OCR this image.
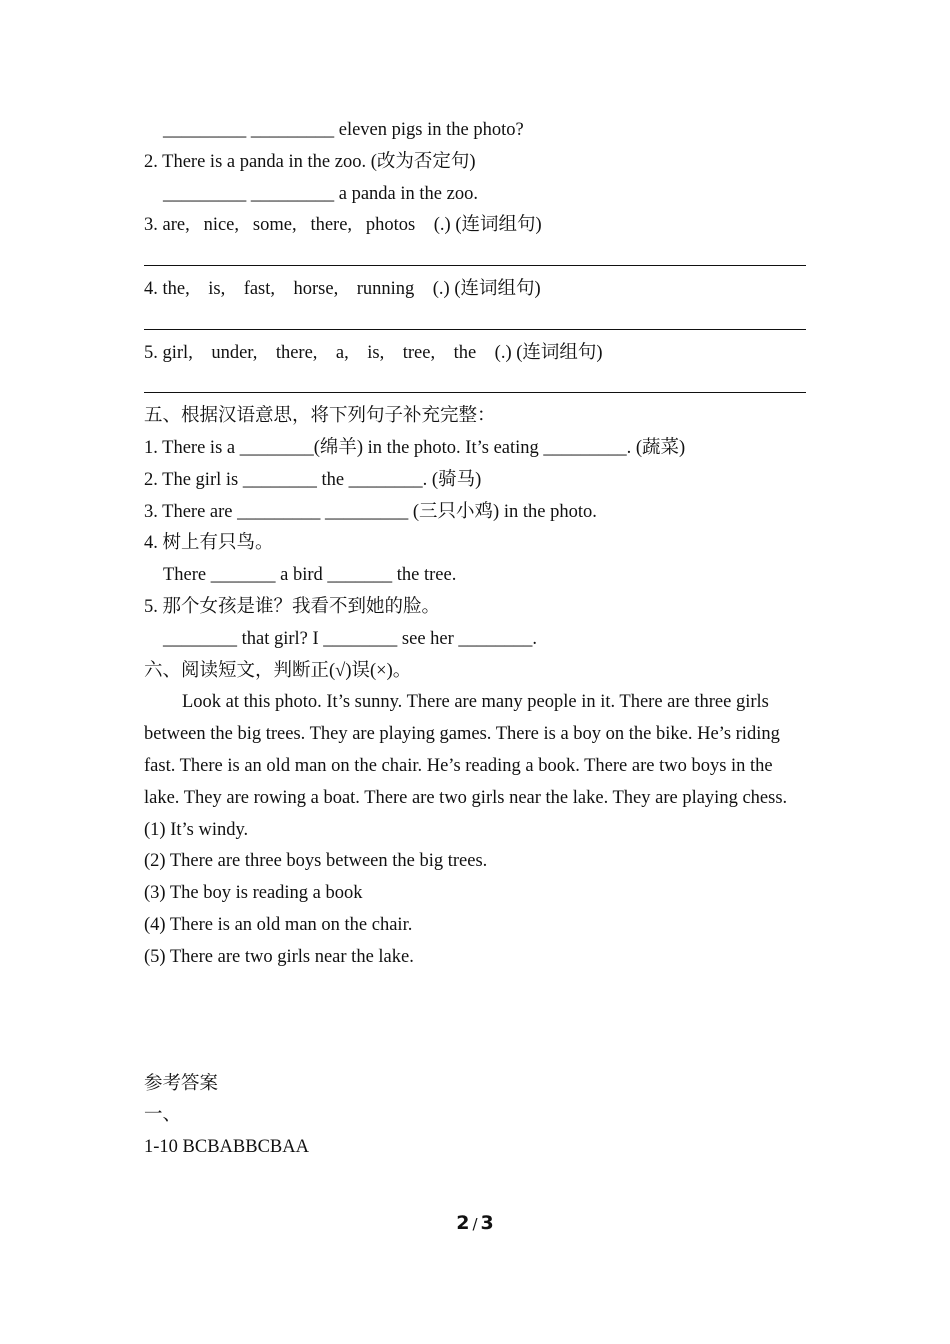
_________ _________ eleven pigs in the photo?
2. There is a panda in the zoo. (改为否定句)
_________ _________ a panda in the zoo.
3. are,   nice,   some,   there,   photos    (.) (连词组句)
4. the,    is,    fast,    horse,    running    (.) (连词组句)
5. girl,    under,    there,    a,    is,    tree,    the    (.) (连词组句)
五、根据汉语意思，将下列句子补充完整：
1. There is a ________(绵羊) in the photo. It’s eating _________. (蔬菜)
2. The girl is ________ the ________. (骑马)
3. There are _________ _________ (三只小鸡) in the photo.
4. 树上有只鸟。
There _______ a bird _______ the tree.
5. 那个女孩是谁？我看不到她的脸。
________ that girl? I ________ see her ________.
六、阅读短文，判断正(√)误(×)。
Look at this photo. It’s sunny. There are many people in it. There are three girls between the big trees. They are playing games. There is a boy on the bike. He’s riding fast. There is an old man on the chair. He’s reading a book. There are two boys in the lake. They are rowing a boat. There are two girls near the lake. They are playing chess.
(1) It’s windy.
(2) There are three boys between the big trees.
(3) The boy is reading a book
(4) There is an old man on the chair.
(5) There are two girls near the lake.
参考答案
一、
1-10 BCBABBCBAA
2 / 3
